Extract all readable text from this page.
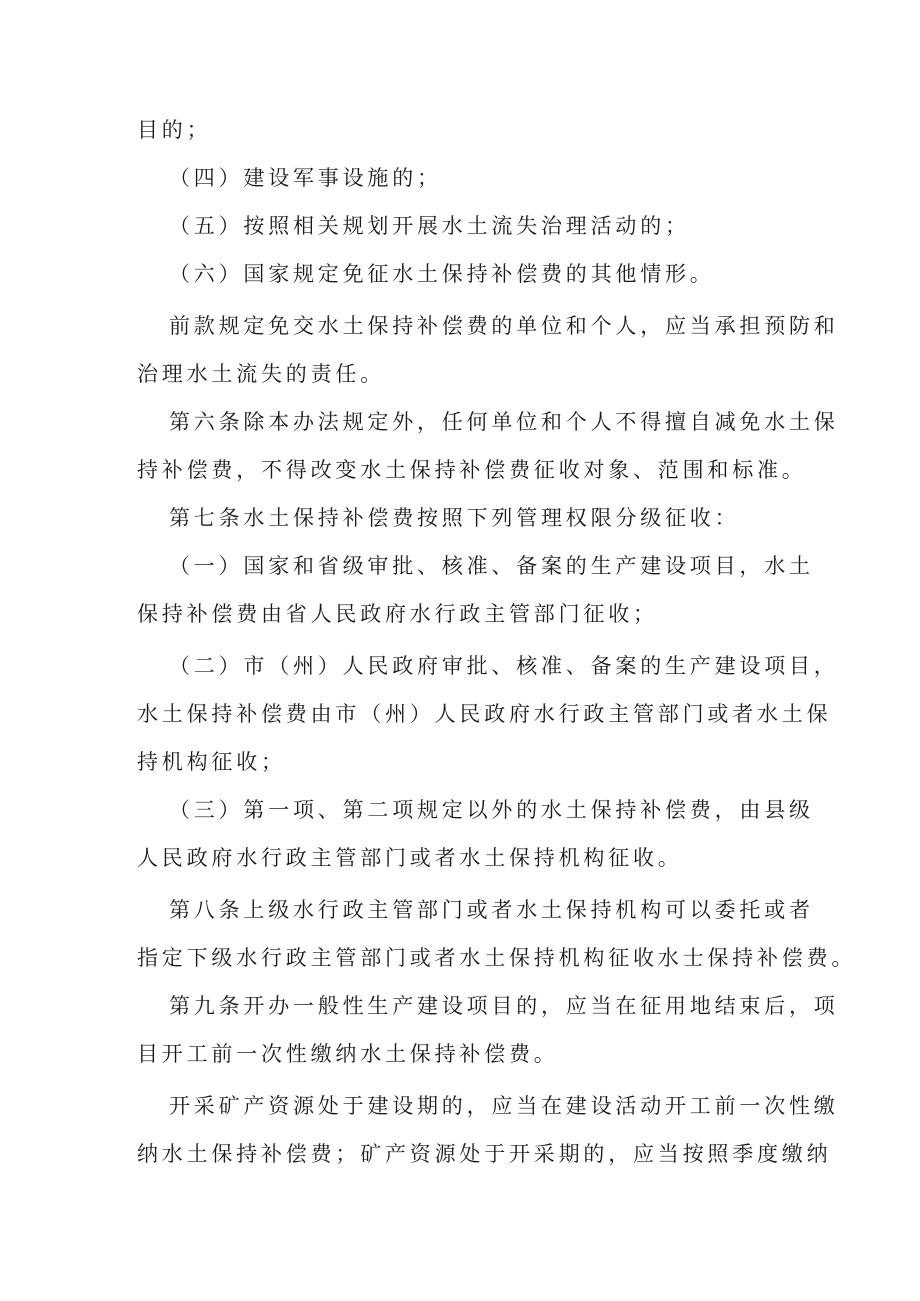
目的；
（四）建设军事设施的；
（五）按照相关规划开展水土流失治理活动的；
（六）国家规定免征水土保持补偿费的其他情形。
前款规定免交水土保持补偿费的单位和个人，应当承担预防和
治理水土流失的责任。
第六条除本办法规定外，任何单位和个人不得擅自减免水土保
持补偿费，不得改变水土保持补偿费征收对象、范围和标准。
第七条水土保持补偿费按照下列管理权限分级征收：
（一）国家和省级审批、核准、备案的生产建设项目，水土
保持补偿费由省人民政府水行政主管部门征收；
（二）市（州）人民政府审批、核准、备案的生产建设项目，
水土保持补偿费由市（州）人民政府水行政主管部门或者水土保
持机构征收；
（三）第一项、第二项规定以外的水土保持补偿费，由县级
人民政府水行政主管部门或者水土保持机构征收。
第八条上级水行政主管部门或者水土保持机构可以委托或者
指定下级水行政主管部门或者水土保持机构征收水士保持补偿费。
第九条开办一般性生产建设项目的，应当在征用地结束后，项
目开工前一次性缴纳水土保持补偿费。
开采矿产资源处于建设期的，应当在建设活动开工前一次性缴
纳水土保持补偿费；矿产资源处于开采期的，应当按照季度缴纳
